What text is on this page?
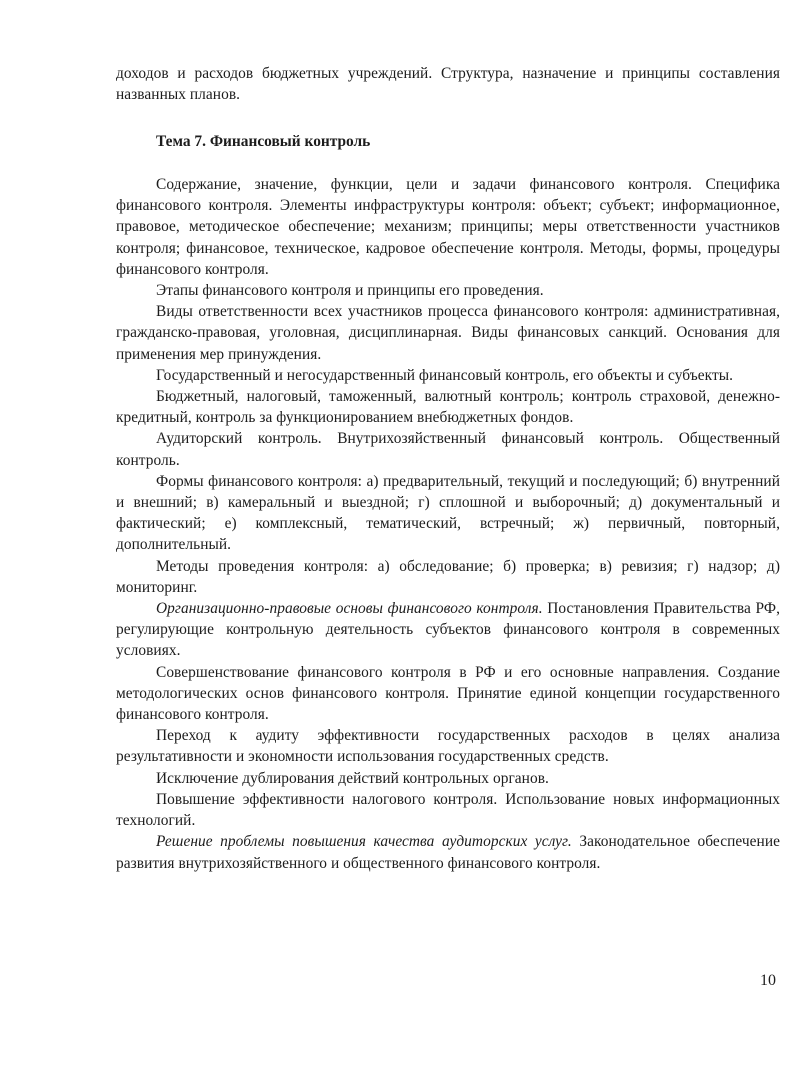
доходов и расходов бюджетных учреждений. Структура, назначение и принципы составления названных планов.

Тема 7. Финансовый контроль

Содержание, значение, функции, цели и задачи финансового контроля. Специфика финансового контроля. Элементы инфраструктуры контроля: объект; субъект; информационное, правовое, методическое обеспечение; механизм; принципы; меры ответственности участников контроля; финансовое, техническое, кадровое обеспечение контроля. Методы, формы, процедуры финансового контроля.

Этапы финансового контроля и принципы его проведения.

Виды ответственности всех участников процесса финансового контроля: административная, гражданско-правовая, уголовная, дисциплинарная. Виды финансовых санкций. Основания для применения мер принуждения.

Государственный и негосударственный финансовый контроль, его объекты и субъекты.

Бюджетный, налоговый, таможенный, валютный контроль; контроль страховой, денежно-кредитный, контроль за функционированием внебюджетных фондов.

Аудиторский контроль. Внутрихозяйственный финансовый контроль. Общественный контроль.

Формы финансового контроля: а) предварительный, текущий и последующий; б) внутренний и внешний; в) камеральный и выездной; г) сплошной и выборочный; д) документальный и фактический; е) комплексный, тематический, встречный; ж) первичный, повторный, дополнительный.

Методы проведения контроля: а) обследование; б) проверка; в) ревизия; г) надзор; д) мониторинг.

Организационно-правовые основы финансового контроля. Постановления Правительства РФ, регулирующие контрольную деятельность субъектов финансового контроля в современных условиях.

Совершенствование финансового контроля в РФ и его основные направления. Создание методологических основ финансового контроля. Принятие единой концепции государственного финансового контроля.

Переход к аудиту эффективности государственных расходов в целях анализа результативности и экономности использования государственных средств.

Исключение дублирования действий контрольных органов.

Повышение эффективности налогового контроля. Использование новых информационных технологий.

Решение проблемы повышения качества аудиторских услуг. Законодательное обеспечение развития внутрихозяйственного и общественного финансового контроля.

10
